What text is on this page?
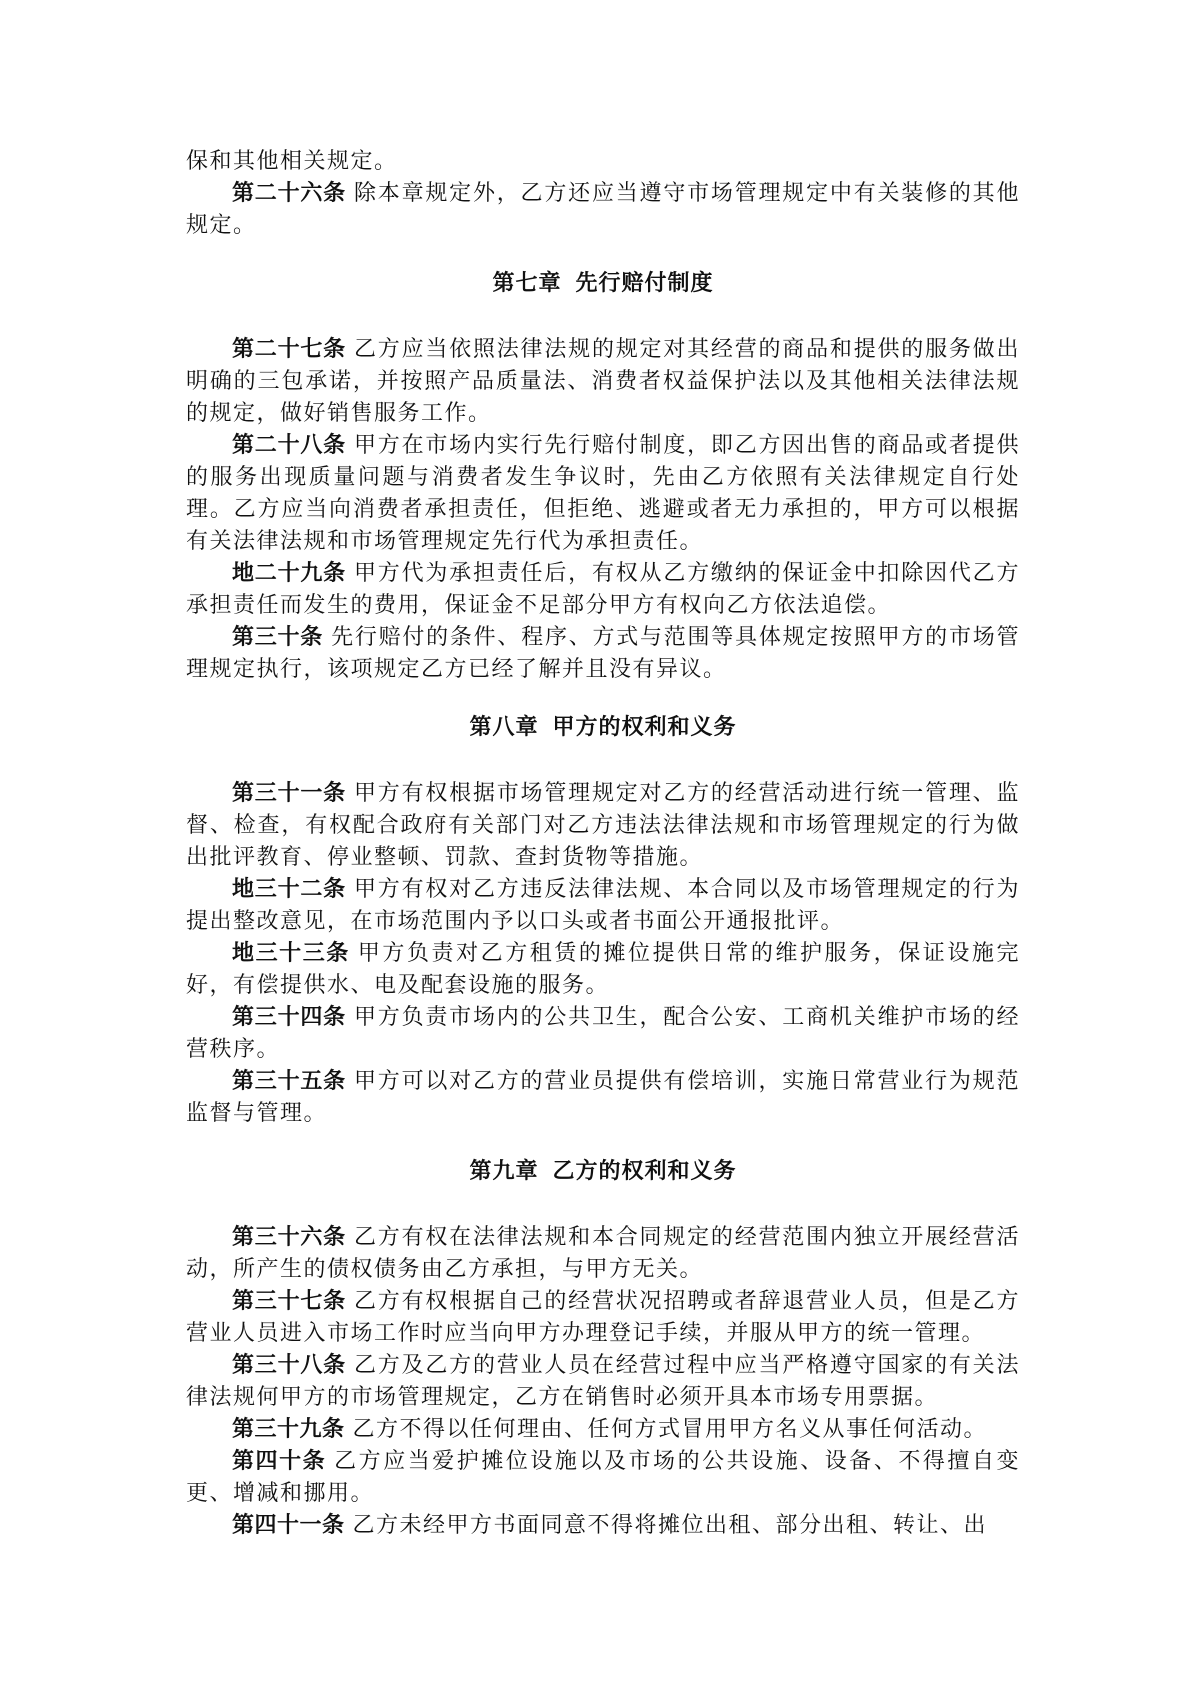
保和其他相关规定。

第二十六条 除本章规定外，乙方还应当遵守市场管理规定中有关装修的其他规定。

第七章 先行赔付制度

第二十七条 乙方应当依照法律法规的规定对其经营的商品和提供的服务做出明确的三包承诺，并按照产品质量法、消费者权益保护法以及其他相关法律法规的规定，做好销售服务工作。

第二十八条 甲方在市场内实行先行赔付制度，即乙方因出售的商品或者提供的服务出现质量问题与消费者发生争议时，先由乙方依照有关法律规定自行处理。乙方应当向消费者承担责任，但拒绝、逃避或者无力承担的，甲方可以根据有关法律法规和市场管理规定先行代为承担责任。

地二十九条 甲方代为承担责任后，有权从乙方缴纳的保证金中扣除因代乙方承担责任而发生的费用，保证金不足部分甲方有权向乙方依法追偿。

第三十条 先行赔付的条件、程序、方式与范围等具体规定按照甲方的市场管理规定执行，该项规定乙方已经了解并且没有异议。

第八章 甲方的权利和义务

第三十一条 甲方有权根据市场管理规定对乙方的经营活动进行统一管理、监督、检查，有权配合政府有关部门对乙方违法法律法规和市场管理规定的行为做出批评教育、停业整顿、罚款、查封货物等措施。

地三十二条 甲方有权对乙方违反法律法规、本合同以及市场管理规定的行为提出整改意见，在市场范围内予以口头或者书面公开通报批评。

地三十三条 甲方负责对乙方租赁的摊位提供日常的维护服务，保证设施完好，有偿提供水、电及配套设施的服务。

第三十四条 甲方负责市场内的公共卫生，配合公安、工商机关维护市场的经营秩序。

第三十五条 甲方可以对乙方的营业员提供有偿培训，实施日常营业行为规范监督与管理。

第九章 乙方的权利和义务

第三十六条 乙方有权在法律法规和本合同规定的经营范围内独立开展经营活动，所产生的债权债务由乙方承担，与甲方无关。

第三十七条 乙方有权根据自己的经营状况招聘或者辞退营业人员，但是乙方营业人员进入市场工作时应当向甲方办理登记手续，并服从甲方的统一管理。

第三十八条 乙方及乙方的营业人员在经营过程中应当严格遵守国家的有关法律法规何甲方的市场管理规定，乙方在销售时必须开具本市场专用票据。

第三十九条 乙方不得以任何理由、任何方式冒用甲方名义从事任何活动。

第四十条 乙方应当爱护摊位设施以及市场的公共设施、设备、不得擅自变更、增减和挪用。

第四十一条 乙方未经甲方书面同意不得将摊位出租、部分出租、转让、出
